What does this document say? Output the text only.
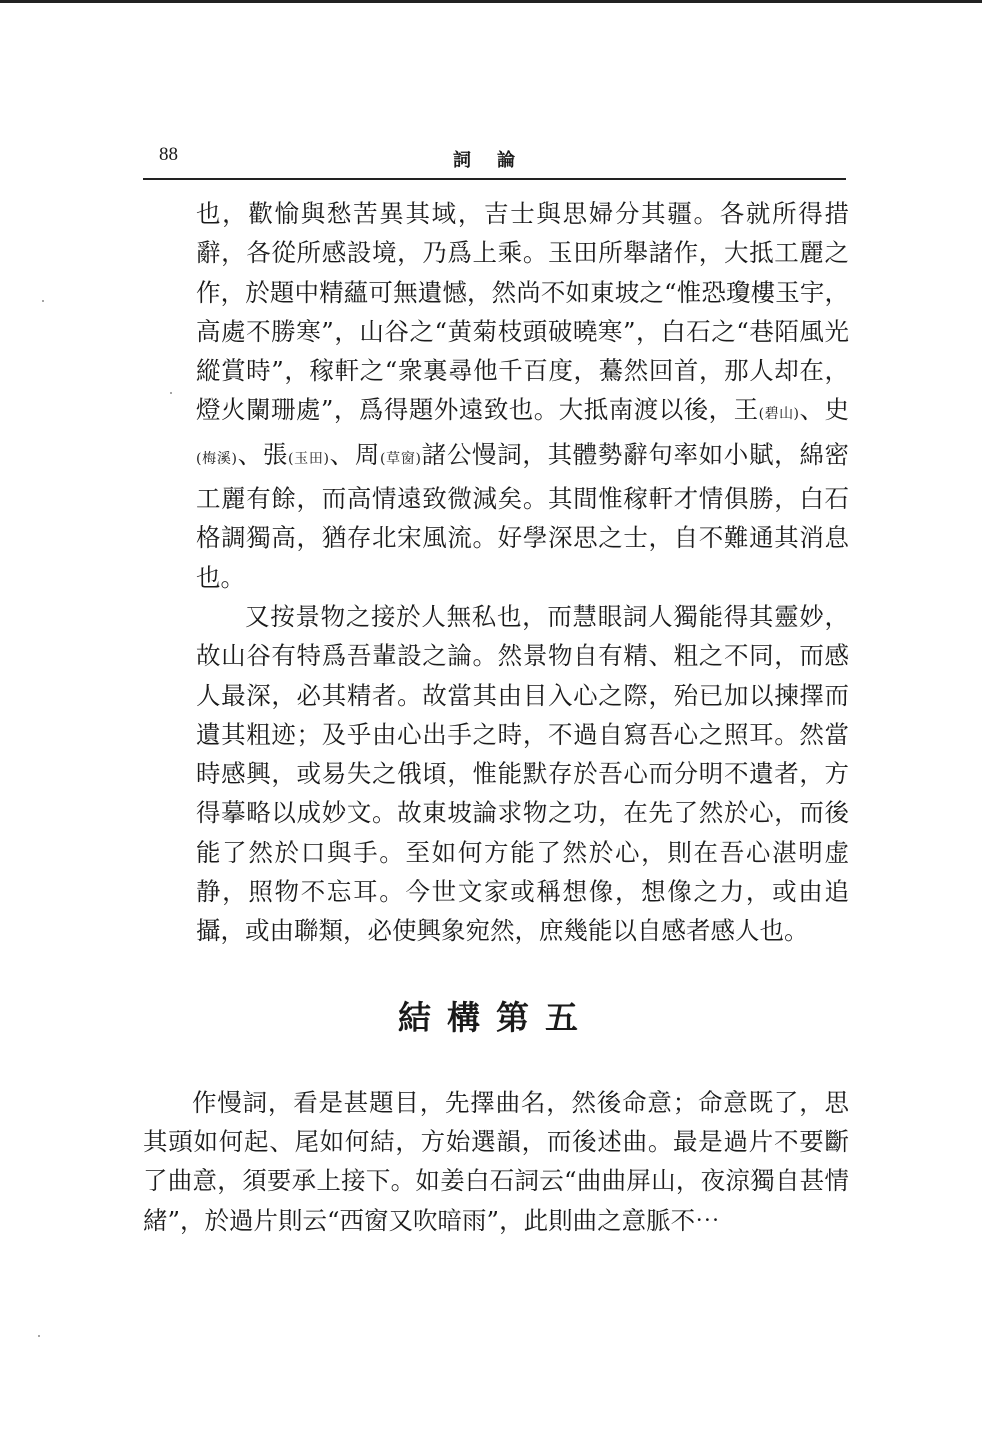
88	詞論

也，歡愉與愁苦異其域，吉士與思婦分其疆。各就所得措辭，各從所感設境，乃爲上乘。玉田所舉諸作，大抵工麗之作，於題中精蘊可無遺憾，然尚不如東坡之“惟恐瓊樓玉宇，高處不勝寒”，山谷之“黄菊枝頭破曉寒”，白石之“巷陌風光縱賞時”，稼軒之“衆裏尋他千百度，驀然回首，那人却在，燈火闌珊處”，爲得題外遠致也。大抵南渡以後，王(碧山)、史(梅溪)、張(玉田)、周(草窗)諸公慢詞，其體勢辭句率如小賦，綿密工麗有餘，而高情遠致微減矣。其間惟稼軒才情俱勝，白石格調獨高，猶存北宋風流。好學深思之士，自不難通其消息也。

又按景物之接於人無私也，而慧眼詞人獨能得其靈妙，故山谷有特爲吾輩設之論。然景物自有精、粗之不同，而感人最深，必其精者。故當其由目入心之際，殆已加以揀擇而遺其粗迹；及乎由心出手之時，不過自寫吾心之照耳。然當時感興，或易失之俄頃，惟能默存於吾心而分明不遺者，方得摹略以成妙文。故東坡論求物之功，在先了然於心，而後能了然於口與手。至如何方能了然於心，則在吾心湛明虚静，照物不忘耳。今世文家或稱想像，想像之力，或由追攝，或由聯類，必使興象宛然，庶幾能以自感者感人也。

結構第五

作慢詞，看是甚題目，先擇曲名，然後命意；命意既了，思其頭如何起、尾如何結，方始選韻，而後述曲。最是過片不要斷了曲意，須要承上接下。如姜白石詞云“曲曲屏山，夜涼獨自甚情緒”，於過片則云“西窗又吹暗雨”，此則曲之意脈不⋯
